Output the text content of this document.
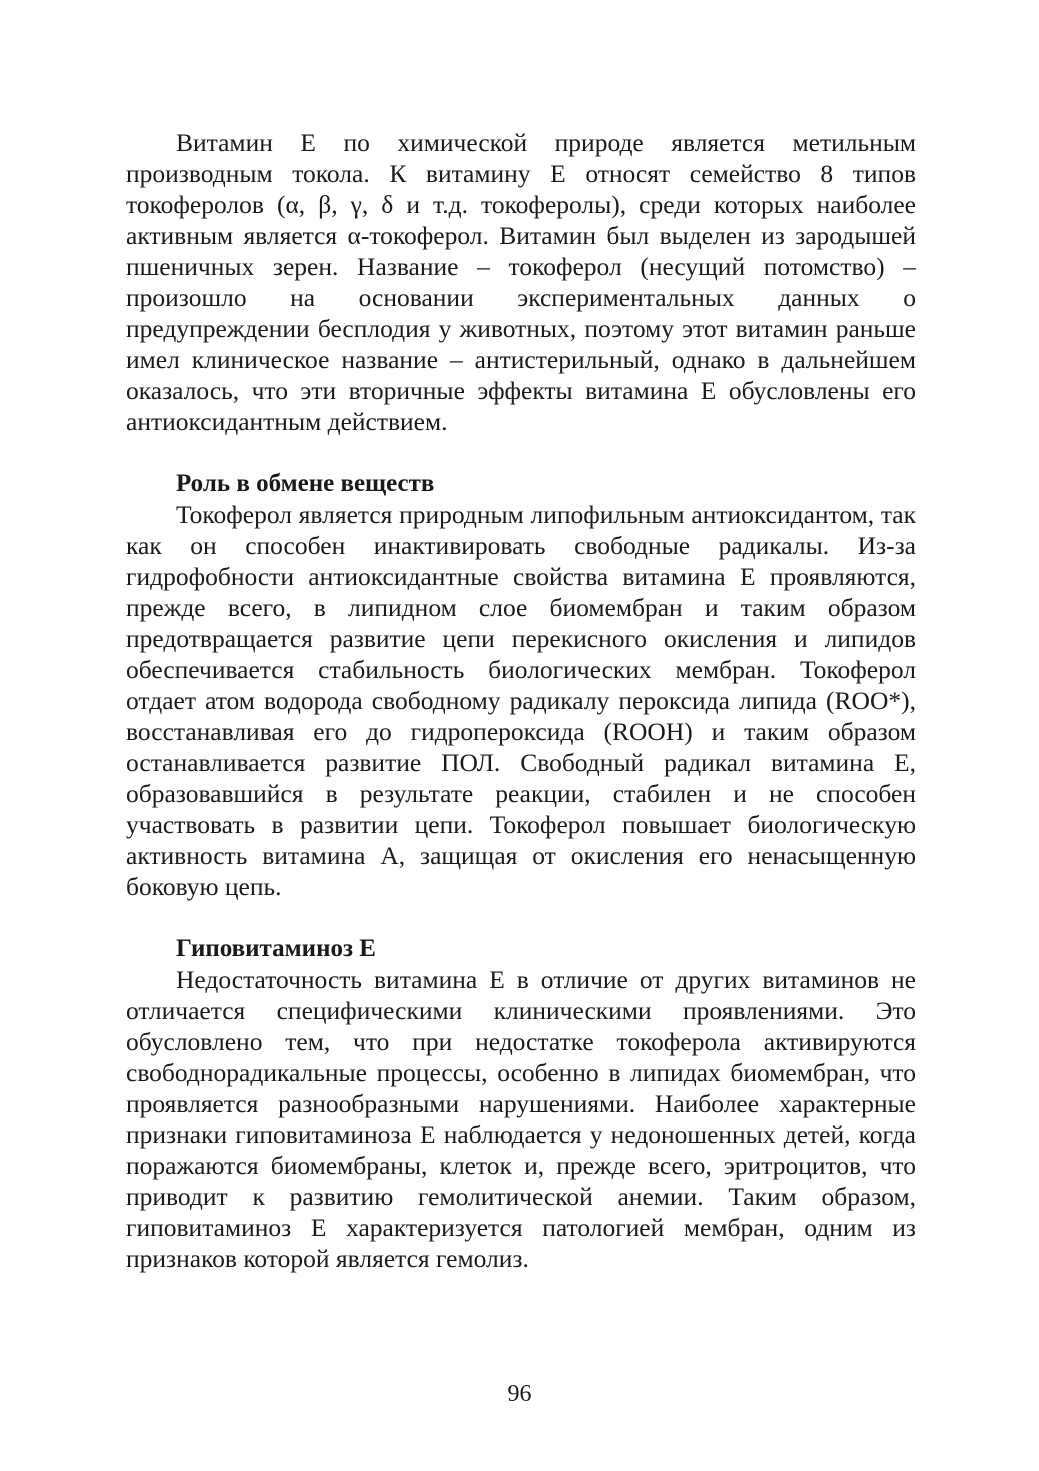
Витамин Е по химической природе является метильным производным токола. К витамину Е относят семейство 8 типов токоферолов (α, β, γ, δ и т.д. токоферолы), среди которых наиболее активным является α-токоферол. Витамин был выделен из зародышей пшеничных зерен. Название – токоферол (несущий потомство) – произошло на основании экспериментальных данных о предупреждении бесплодия у животных, поэтому этот витамин раньше имел клиническое название – антистерильный, однако в дальнейшем оказалось, что эти вторичные эффекты витамина Е обусловлены его антиоксидантным действием.

Роль в обмене веществ

Токоферол является природным липофильным антиоксидантом, так как он способен инактивировать свободные радикалы. Из-за гидрофобности антиоксидантные свойства витамина Е проявляются, прежде всего, в липидном слое биомембран и таким образом предотвращается развитие цепи перекисного окисления и липидов обеспечивается стабильность биологических мембран. Токоферол отдает атом водорода свободному радикалу пероксида липида (ROO*), восстанавливая его до гидропероксида (ROOH) и таким образом останавливается развитие ПОЛ. Свободный радикал витамина Е, образовавшийся в результате реакции, стабилен и не способен участвовать в развитии цепи. Токоферол повышает биологическую активность витамина А, защищая от окисления его ненасыщенную боковую цепь.

Гиповитаминоз Е

Недостаточность витамина Е в отличие от других витаминов не отличается специфическими клиническими проявлениями. Это обусловлено тем, что при недостатке токоферола активируются свободнорадикальные процессы, особенно в липидах биомембран, что проявляется разнообразными нарушениями. Наиболее характерные признаки гиповитаминоза Е наблюдается у недоношенных детей, когда поражаются биомембраны, клеток и, прежде всего, эритроцитов, что приводит к развитию гемолитической анемии. Таким образом, гиповитаминоз Е характеризуется патологией мембран, одним из признаков которой является гемолиз.

96
